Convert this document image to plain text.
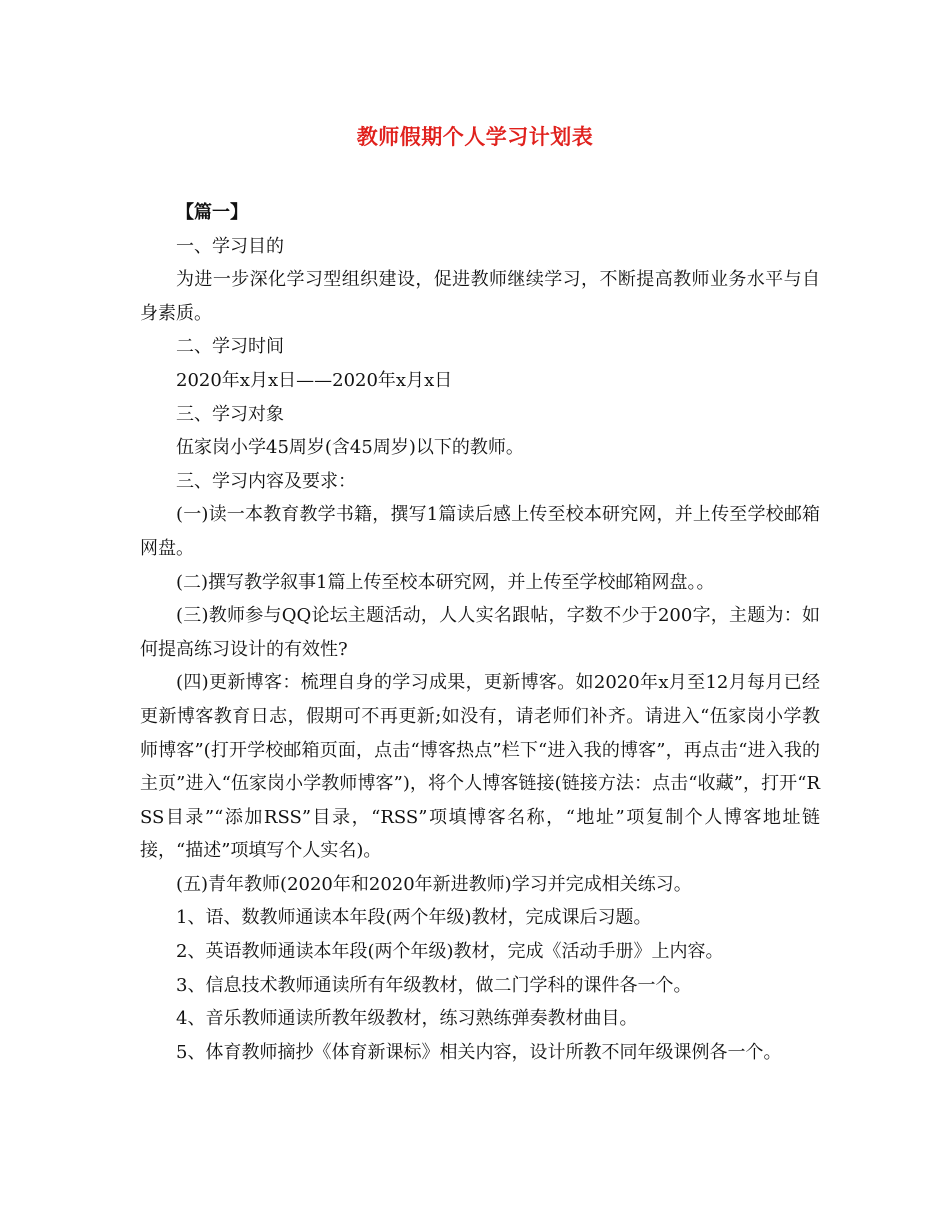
教师假期个人学习计划表

【篇一】

一、学习目的

为进一步深化学习型组织建设，促进教师继续学习，不断提高教师业务水平与自身素质。

二、学习时间

2020年x月x日——2020年x月x日

三、学习对象

伍家岗小学45周岁(含45周岁)以下的教师。

三、学习内容及要求：

(一)读一本教育教学书籍，撰写1篇读后感上传至校本研究网，并上传至学校邮箱网盘。

(二)撰写教学叙事1篇上传至校本研究网，并上传至学校邮箱网盘。。

(三)教师参与QQ论坛主题活动，人人实名跟帖，字数不少于200字，主题为：如何提高练习设计的有效性?

(四)更新博客：梳理自身的学习成果，更新博客。如2020年x月至12月每月已经更新博客教育日志，假期可不再更新;如没有，请老师们补齐。请进入“伍家岗小学教师博客”(打开学校邮箱页面，点击“博客热点”栏下“进入我的博客”，再点击“进入我的主页”进入“伍家岗小学教师博客”)，将个人博客链接(链接方法：点击“收藏”，打开“RSS目录”“添加RSS”目录，“RSS”项填博客名称，“地址”项复制个人博客地址链接，“描述”项填写个人实名)。

(五)青年教师(2020年和2020年新进教师)学习并完成相关练习。

1、语、数教师通读本年段(两个年级)教材，完成课后习题。

2、英语教师通读本年段(两个年级)教材，完成《活动手册》上内容。

3、信息技术教师通读所有年级教材，做二门学科的课件各一个。

4、音乐教师通读所教年级教材，练习熟练弹奏教材曲目。

5、体育教师摘抄《体育新课标》相关内容，设计所教不同年级课例各一个。
